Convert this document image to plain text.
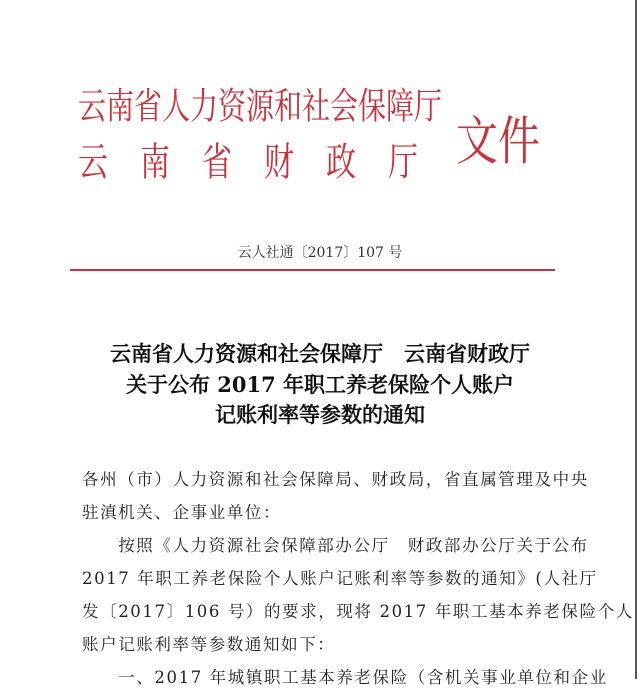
云南省人力资源和社会保障厅
云 南 省 财 政 厅 文件
云人社通〔2017〕107 号
云南省人力资源和社会保障厅　云南省财政厅
关于公布 2017 年职工养老保险个人账户
记账利率等参数的通知
各州（市）人力资源和社会保障局、财政局，省直属管理及中央
驻滇机关、企事业单位：
　　按照《人力资源社会保障部办公厅　财政部办公厅关于公布
2017 年职工养老保险个人账户记账利率等参数的通知》(人社厅
发〔2017〕106 号）的要求，现将 2017 年职工基本养老保险个人
账户记账利率等参数通知如下：
　　一、2017 年城镇职工基本养老保险（含机关事业单位和企业
